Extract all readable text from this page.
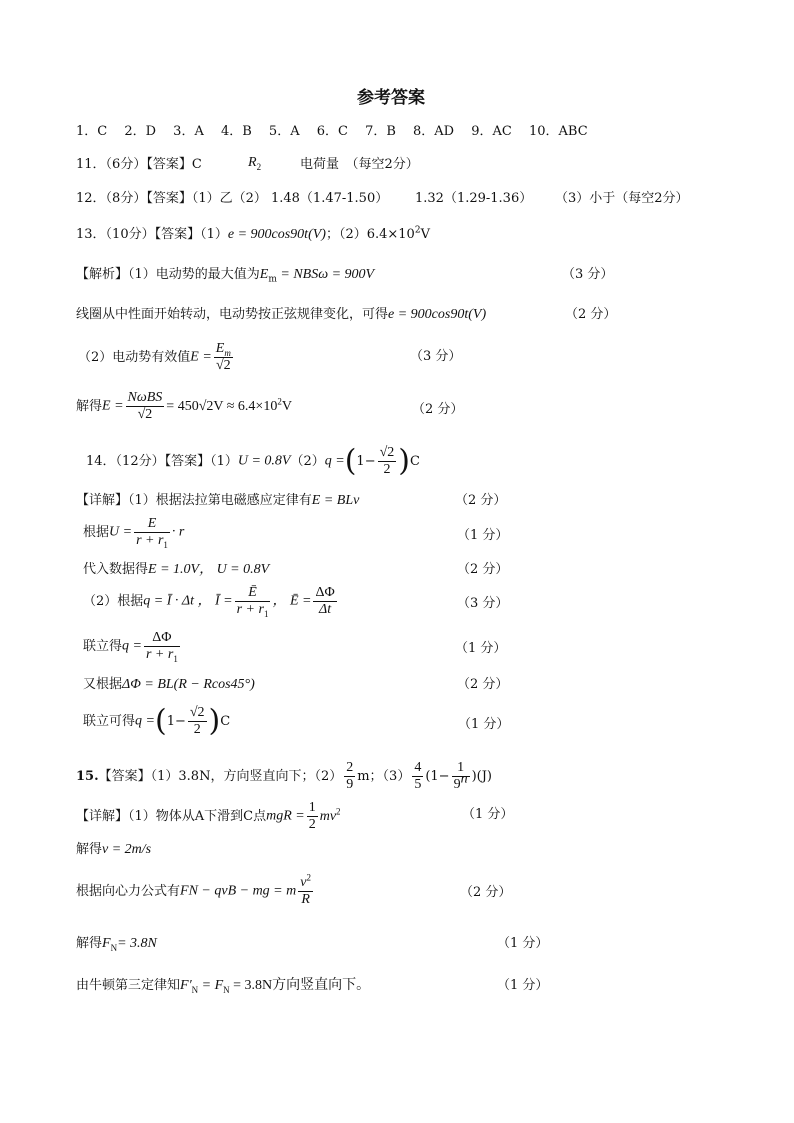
参考答案
1．C　 2．D　 3．A　 4．B　 5．A　 6．C　 7．B　 8．AD　 9．AC　 10．ABC
11．（6分）【答案】C	$R_2$	电荷量　（每空2分）
12．（8分）【答案】（1）乙（2） 1.48（1.47-1.50） 1.32（1.29-1.36） （3）小于（每空2分）
13．（10分）【答案】（1）e = 900cos90t(V)；$(2)6.4\times 10^2V$
【解析】（1）电动势的最大值为$E_m = NBS\omega = 900V$	（3 分）
线圈从中性面开始转动，电动势按正弦规律变化，可得e = 900cos90t(V)	（2 分）
（2）电动势有效值$E = \frac{E_m}{√2}$	（3 分）
解得$E = \frac{\text{NωBS}}{√2} = 450√2V \approx 6.4\times 10^2V$	（2 分）
14．（12分）【答案】$(1)U = 0.8V(2)q =(1- \frac{√2}{2} )C$
【详解】（1）根据法拉第电磁感应定律有E = BLv	（2 分）
根据$U = \frac{E}{r + r_1} \cdot r$	（1 分）
代入数据得E = 1.0V， U = 0.8V	（2 分）
（2）根据q = Ī · Δt ， Ī = $\frac{Ē}{r + r_1}$ ， Ē = $\frac{\Delta\Phi}{\Delta t}$	（3 分）
联立得$q = \frac{\Delta\Phi}{r + r_1}$	（1 分）
又根据ΔΦ = BL(R − Rcos45°)	（2 分）
联立可得$q =(1- \frac{√2}{2} )C$	（1 分）
15.【答案】（1）3.8N，方向竖直向下；$(2) \frac{2}{9}$ m；$(3) \frac{4}{5} (1- \frac{1}{9^n} )(J)$
【详解】（1）物体从A下滑到C点mgR = $\frac{1}{2} mv^2$	（1 分）
解得v = 2m/s
根据向心力公式有FN − qvB − mg = m $\frac{v^2}{R}$	（2 分）
解得$F_N= 3.8N$	（1 分）
由牛顿第三定律知$F'_N = F_N = 3.8N$方向竖直向下。	（1 分）
